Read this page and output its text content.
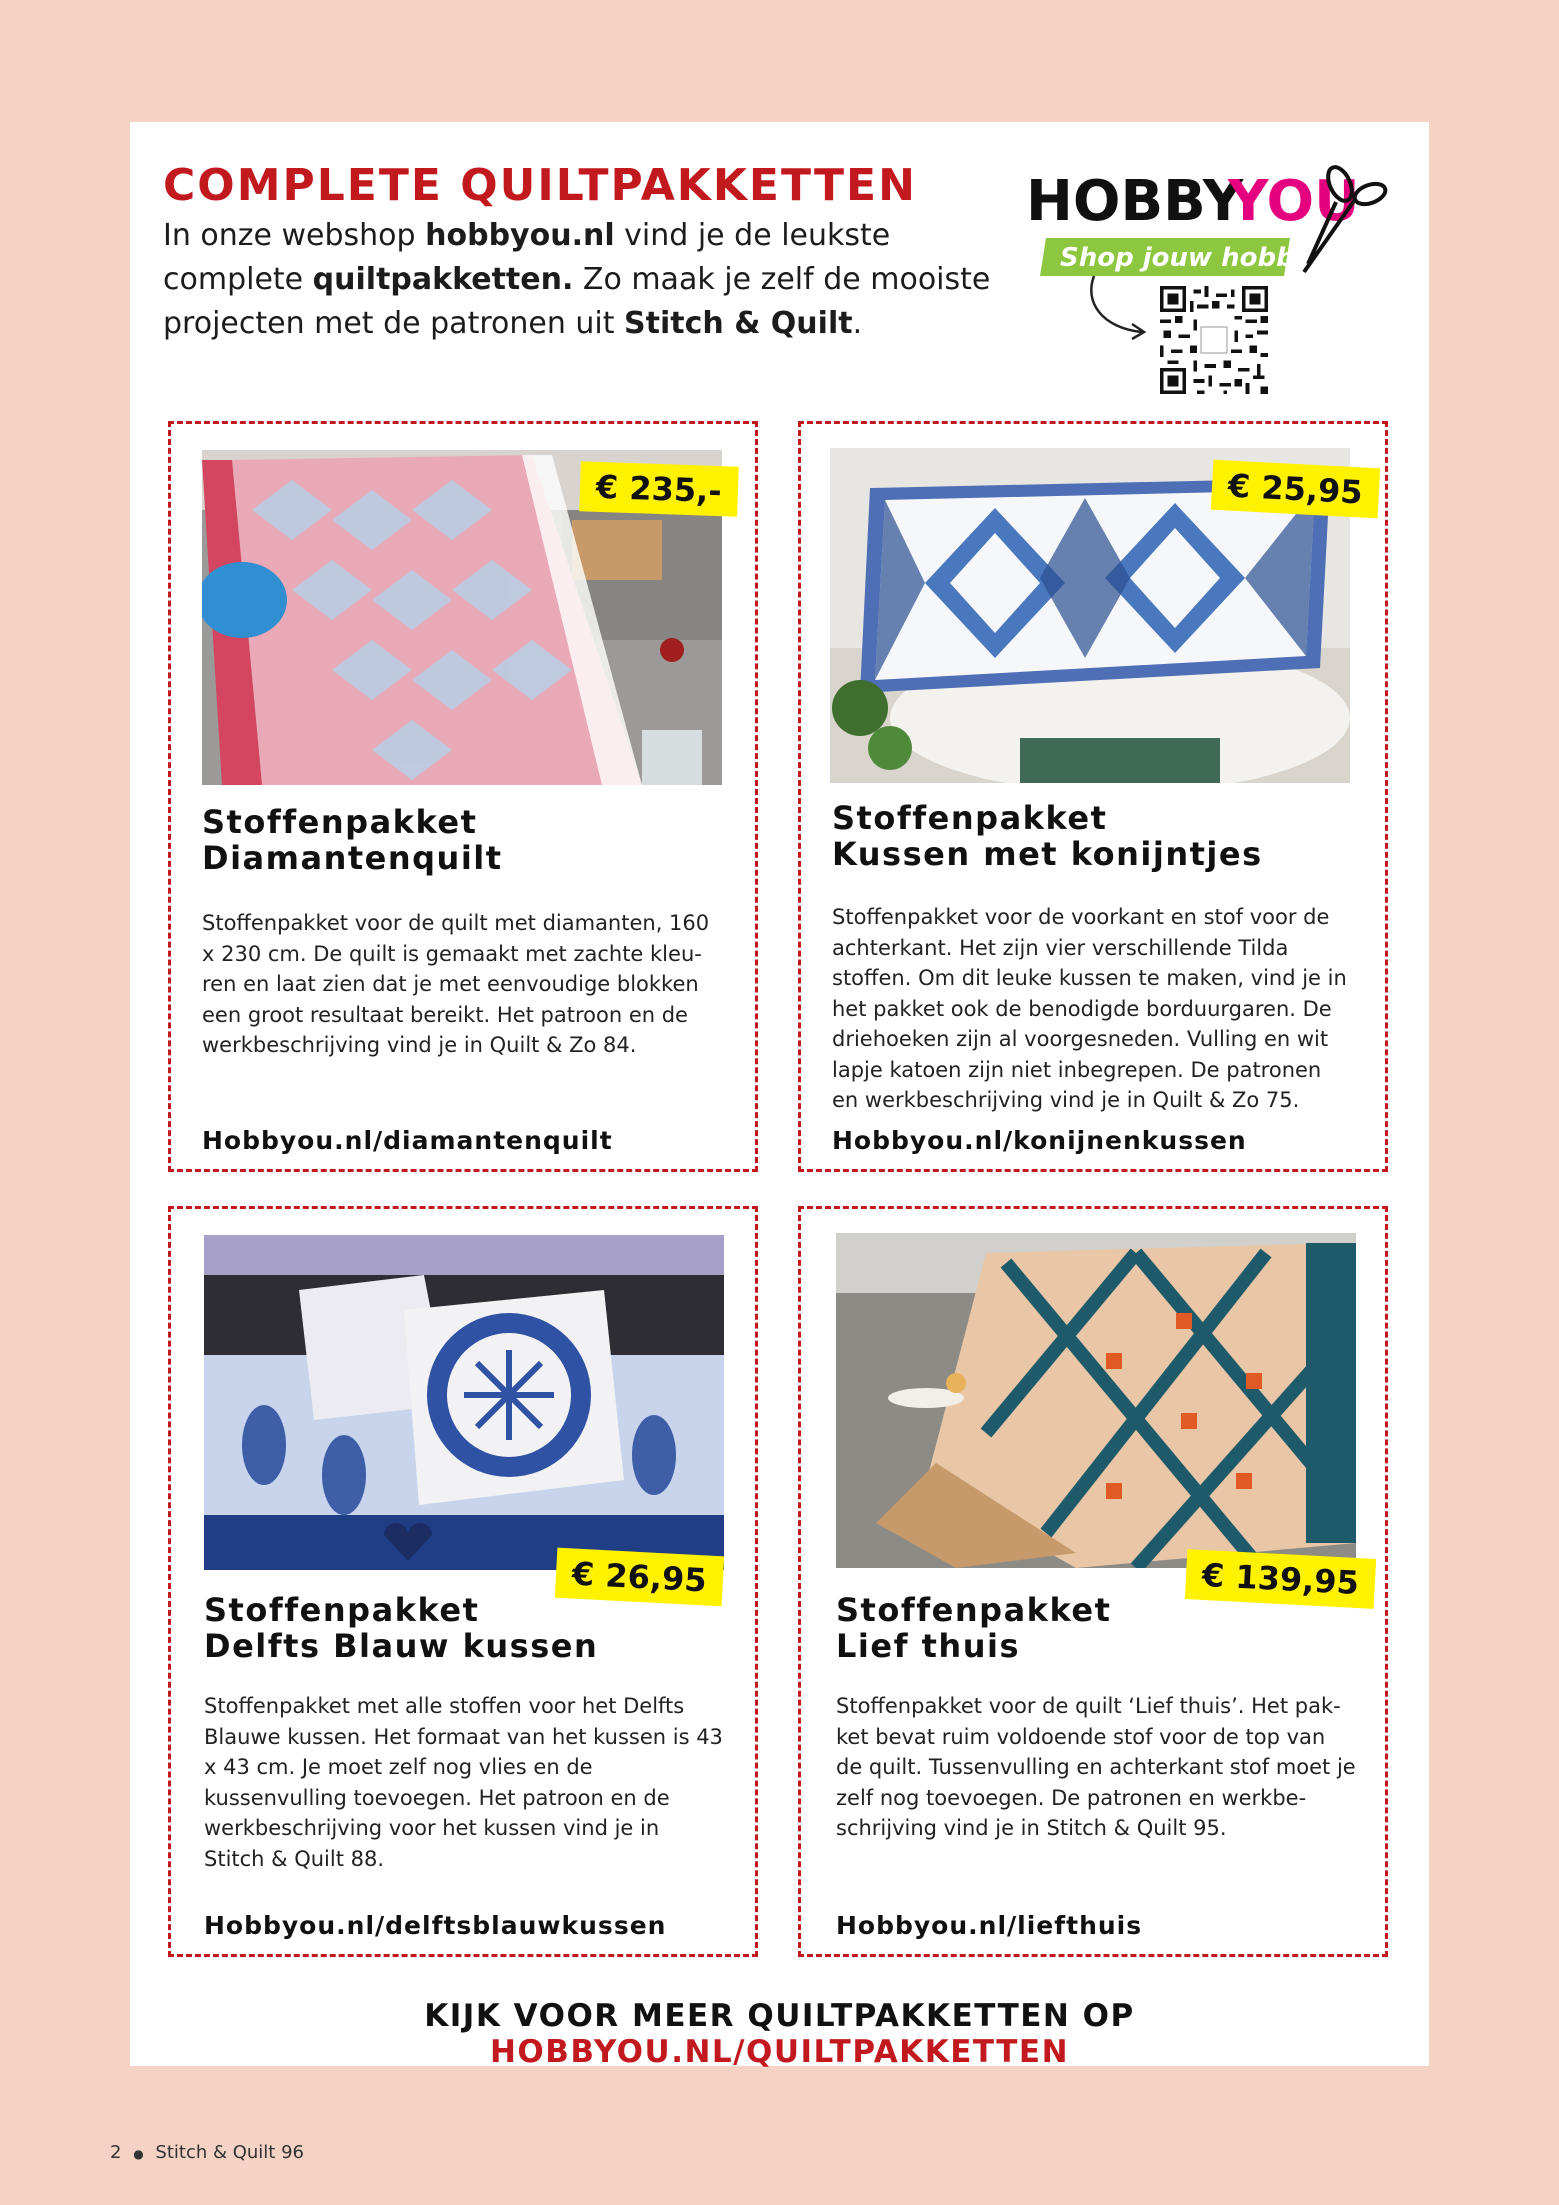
COMPLETE QUILTPAKKETTEN

In onze webshop hobbyou.nl vind je de leukste complete quiltpakketten. Zo maak je zelf de mooiste projecten met de patronen uit Stitch & Quilt.

HOBBY
YOU
Shop jouw hobby
€ 235,-
Stoffenpakket
Diamantenquilt

Stoffenpakket voor de quilt met diamanten, 160 x 230 cm. De quilt is gemaakt met zachte kleu-ren en laat zien dat je met eenvoudige blokken een groot resultaat bereikt. Het patroon en de werkbeschrijving vind je in Quilt & Zo 84.

Hobbyou.nl/diamantenquilt

€ 25,95
Stoffenpakket
Kussen met konijntjes

Stoffenpakket voor de voorkant en stof voor de achterkant. Het zijn vier verschillende Tilda stoffen. Om dit leuke kussen te maken, vind je in het pakket ook de benodigde borduurgaren. De driehoeken zijn al voorgesneden. Vulling en wit lapje katoen zijn niet inbegrepen. De patronen en werkbeschrijving vind je in Quilt & Zo 75.

Hobbyou.nl/konijnenkussen

€ 26,95
Stoffenpakket
Delfts Blauw kussen

Stoffenpakket met alle stoffen voor het Delfts Blauwe kussen. Het formaat van het kussen is 43 x 43 cm. Je moet zelf nog vlies en de kussenvulling toevoegen. Het patroon en de werkbeschrijving voor het kussen vind je in Stitch & Quilt 88.

Hobbyou.nl/delftsblauwkussen

€ 139,95
Stoffenpakket
Lief thuis

Stoffenpakket voor de quilt ‘Lief thuis’. Het pak-ket bevat ruim voldoende stof voor de top van de quilt. Tussenvulling en achterkant stof moet je zelf nog toevoegen. De patronen en werkbe-schrijving vind je in Stitch & Quilt 95.

Hobbyou.nl/liefthuis

KIJK VOOR MEER QUILTPAKKETTEN OP HOBBYOU.NL/QUILTPAKKETTEN

2 ● Stitch & Quilt 96
